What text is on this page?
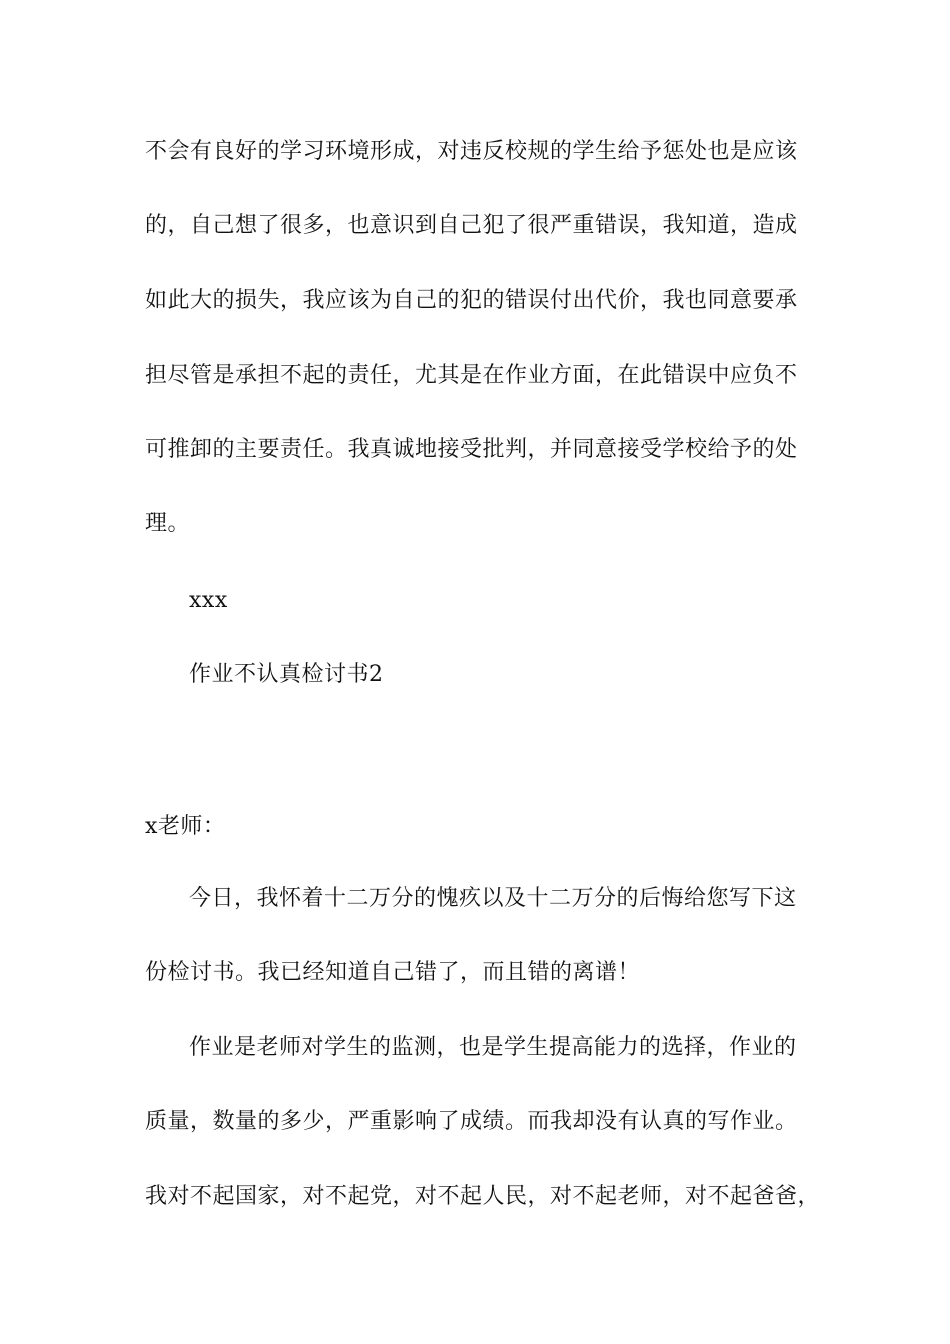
不会有良好的学习环境形成，对违反校规的学生给予惩处也是应该
的，自己想了很多，也意识到自己犯了很严重错误，我知道，造成
如此大的损失，我应该为自己的犯的错误付出代价，我也同意要承
担尽管是承担不起的责任，尤其是在作业方面，在此错误中应负不
可推卸的主要责任。我真诚地接受批判，并同意接受学校给予的处
理。
xxx
作业不认真检讨书2
x老师：
今日，我怀着十二万分的愧疚以及十二万分的后悔给您写下这
份检讨书。我已经知道自己错了，而且错的离谱！
作业是老师对学生的监测，也是学生提高能力的选择，作业的
质量，数量的多少，严重影响了成绩。而我却没有认真的写作业。
我对不起国家，对不起党，对不起人民，对不起老师，对不起爸爸，
